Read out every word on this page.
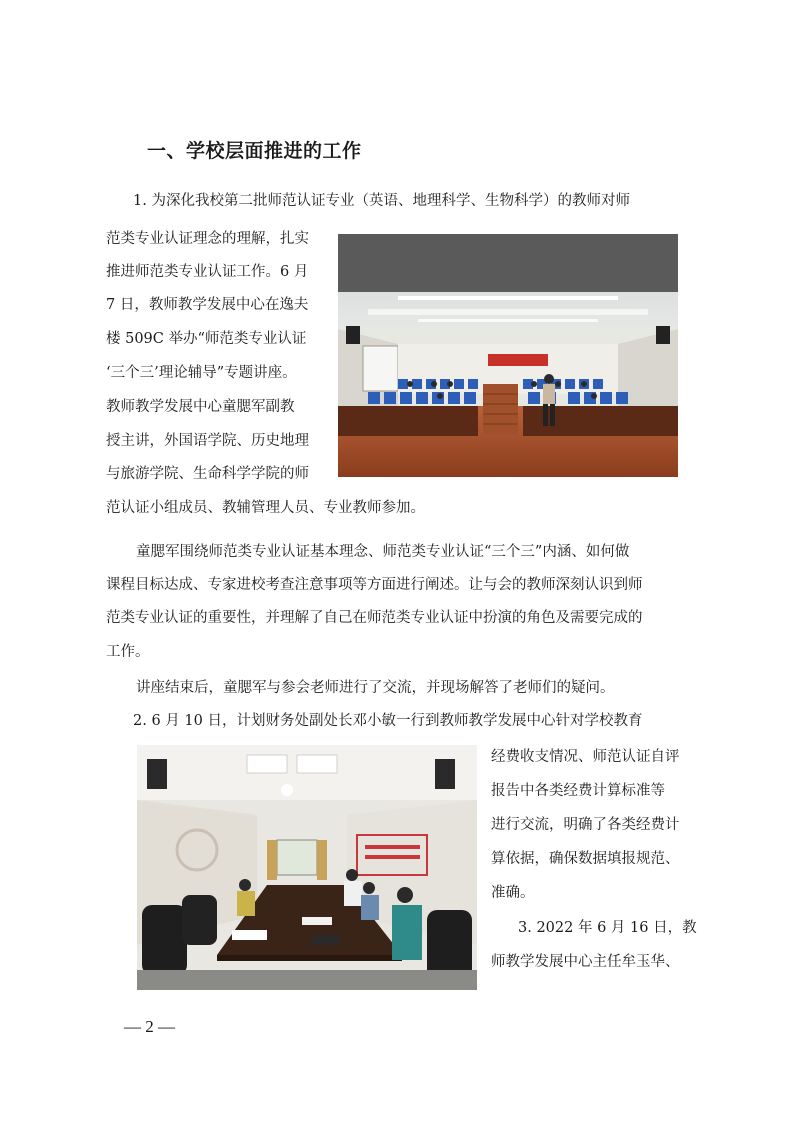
一、学校层面推进的工作
1. 为深化我校第二批师范认证专业（英语、地理科学、生物科学）的教师对师
范类专业认证理念的理解，扎实
推进师范类专业认证工作。6 月
7 日，教师教学发展中心在逸夫
楼 509C 举办“师范类专业认证
‘三个三’理论辅导”专题讲座。
教师教学发展中心童腮军副教
授主讲，外国语学院、历史地理
与旅游学院、生命科学学院的师
范认证小组成员、教辅管理人员、专业教师参加。
童腮军围绕师范类专业认证基本理念、师范类专业认证“三个三”内涵、如何做
课程目标达成、专家进校考查注意事项等方面进行阐述。让与会的教师深刻认识到师
范类专业认证的重要性，并理解了自己在师范类专业认证中扮演的角色及需要完成的
工作。
讲座结束后，童腮军与参会老师进行了交流，并现场解答了老师们的疑问。
2. 6 月 10 日，计划财务处副处长邓小敏一行到教师教学发展中心针对学校教育
经费收支情况、师范认证自评
报告中各类经费计算标准等
进行交流，明确了各类经费计
算依据，确保数据填报规范、
准确。
3. 2022 年 6 月 16 日，教
师教学发展中心主任牟玉华、
— 2 —
